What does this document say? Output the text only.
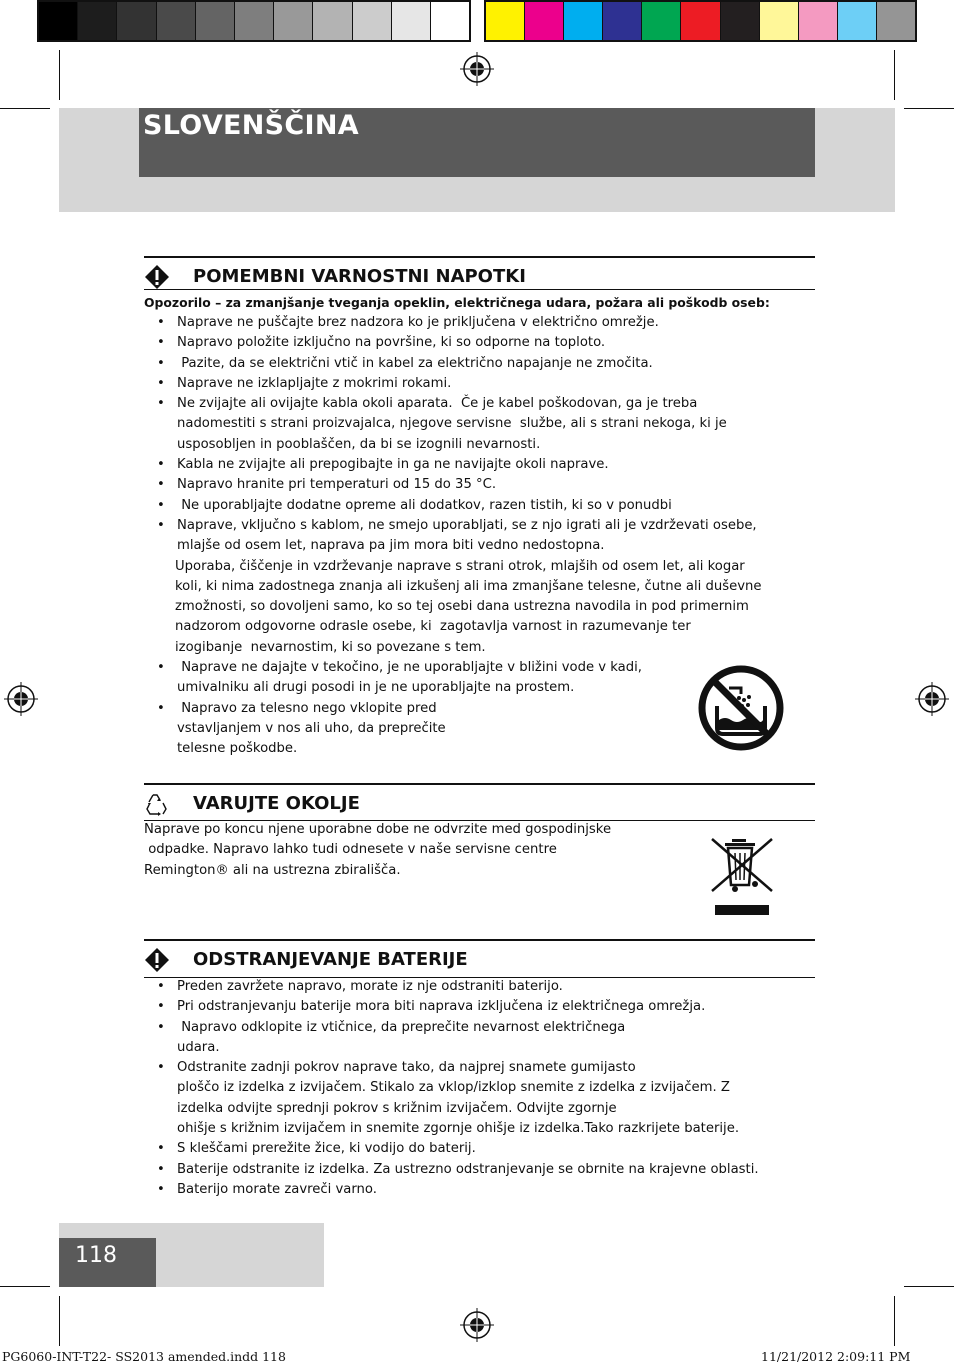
SLOVENŠČINA
POMEMBNI VARNOSTNI NAPOTKI
Opozorilo – za zmanjšanje tveganja opeklin, električnega udara, požara ali poškodb oseb:
• Naprave ne puščajte brez nadzora ko je priključena v električno omrežje.
• Napravo položite izključno na površine, ki so odporne na toploto.
• Pazite, da se električni vtič in kabel za električno napajanje ne zmočita.
• Naprave ne izklapljajte z mokrimi rokami.
• Ne zvijajte ali ovijajte kabla okoli aparata.  Če je kabel poškodovan, ga je treba
nadomestiti s strani proizvajalca, njegove servisne  službe, ali s strani nekoga, ki je
usposobljen in pooblaščen, da bi se izognili nevarnosti.
• Kabla ne zvijajte ali prepogibajte in ga ne navijajte okoli naprave.
• Napravo hranite pri temperaturi od 15 do 35 °C.
• Ne uporabljajte dodatne opreme ali dodatkov, razen tistih, ki so v ponudbi
• Naprave, vključno s kablom, ne smejo uporabljati, se z njo igrati ali je vzdrževati osebe,
mlajše od osem let, naprava pa jim mora biti vedno nedostopna.
Uporaba, čiščenje in vzdrževanje naprave s strani otrok, mlajših od osem let, ali kogar
koli, ki nima zadostnega znanja ali izkušenj ali ima zmanjšane telesne, čutne ali duševne
zmožnosti, so dovoljeni samo, ko so tej osebi dana ustrezna navodila in pod primernim
nadzorom odgovorne odrasle osebe, ki  zagotavlja varnost in razumevanje ter
izogibanje  nevarnostim, ki so povezane s tem.
• Naprave ne dajajte v tekočino, je ne uporabljajte v bližini vode v kadi,
umivalniku ali drugi posodi in je ne uporabljajte na prostem.
• Napravo za telesno nego vklopite pred
vstavljanjem v nos ali uho, da preprečite
telesne poškodbe.
VARUJTE OKOLJE
Naprave po koncu njene uporabne dobe ne odvrzite med gospodinjske
odpadke. Napravo lahko tudi odnesete v naše servisne centre
Remington® ali na ustrezna zbirališča.
ODSTRANJEVANJE BATERIJE
• Preden zavržete napravo, morate iz nje odstraniti baterijo.
• Pri odstranjevanju baterije mora biti naprava izključena iz električnega omrežja.
• Napravo odklopite iz vtičnice, da preprečite nevarnost električnega
udara.
• Odstranite zadnji pokrov naprave tako, da najprej snamete gumijasto
ploščo iz izdelka z izvijačem. Stikalo za vklop/izklop snemite z izdelka z izvijačem. Z
izdelka odvijte sprednji pokrov s križnim izvijačem. Odvijte zgornje
ohišje s križnim izvijačem in snemite zgornje ohišje iz izdelka.Tako razkrijete baterije.
• S kleščami prerežite žice, ki vodijo do baterij.
• Baterije odstranite iz izdelka. Za ustrezno odstranjevanje se obrnite na krajevne oblasti.
• Baterijo morate zavreči varno.
118
PG6060-INT-T22- SS2013 amended.indd 118	11/21/2012 2:09:11 PM
